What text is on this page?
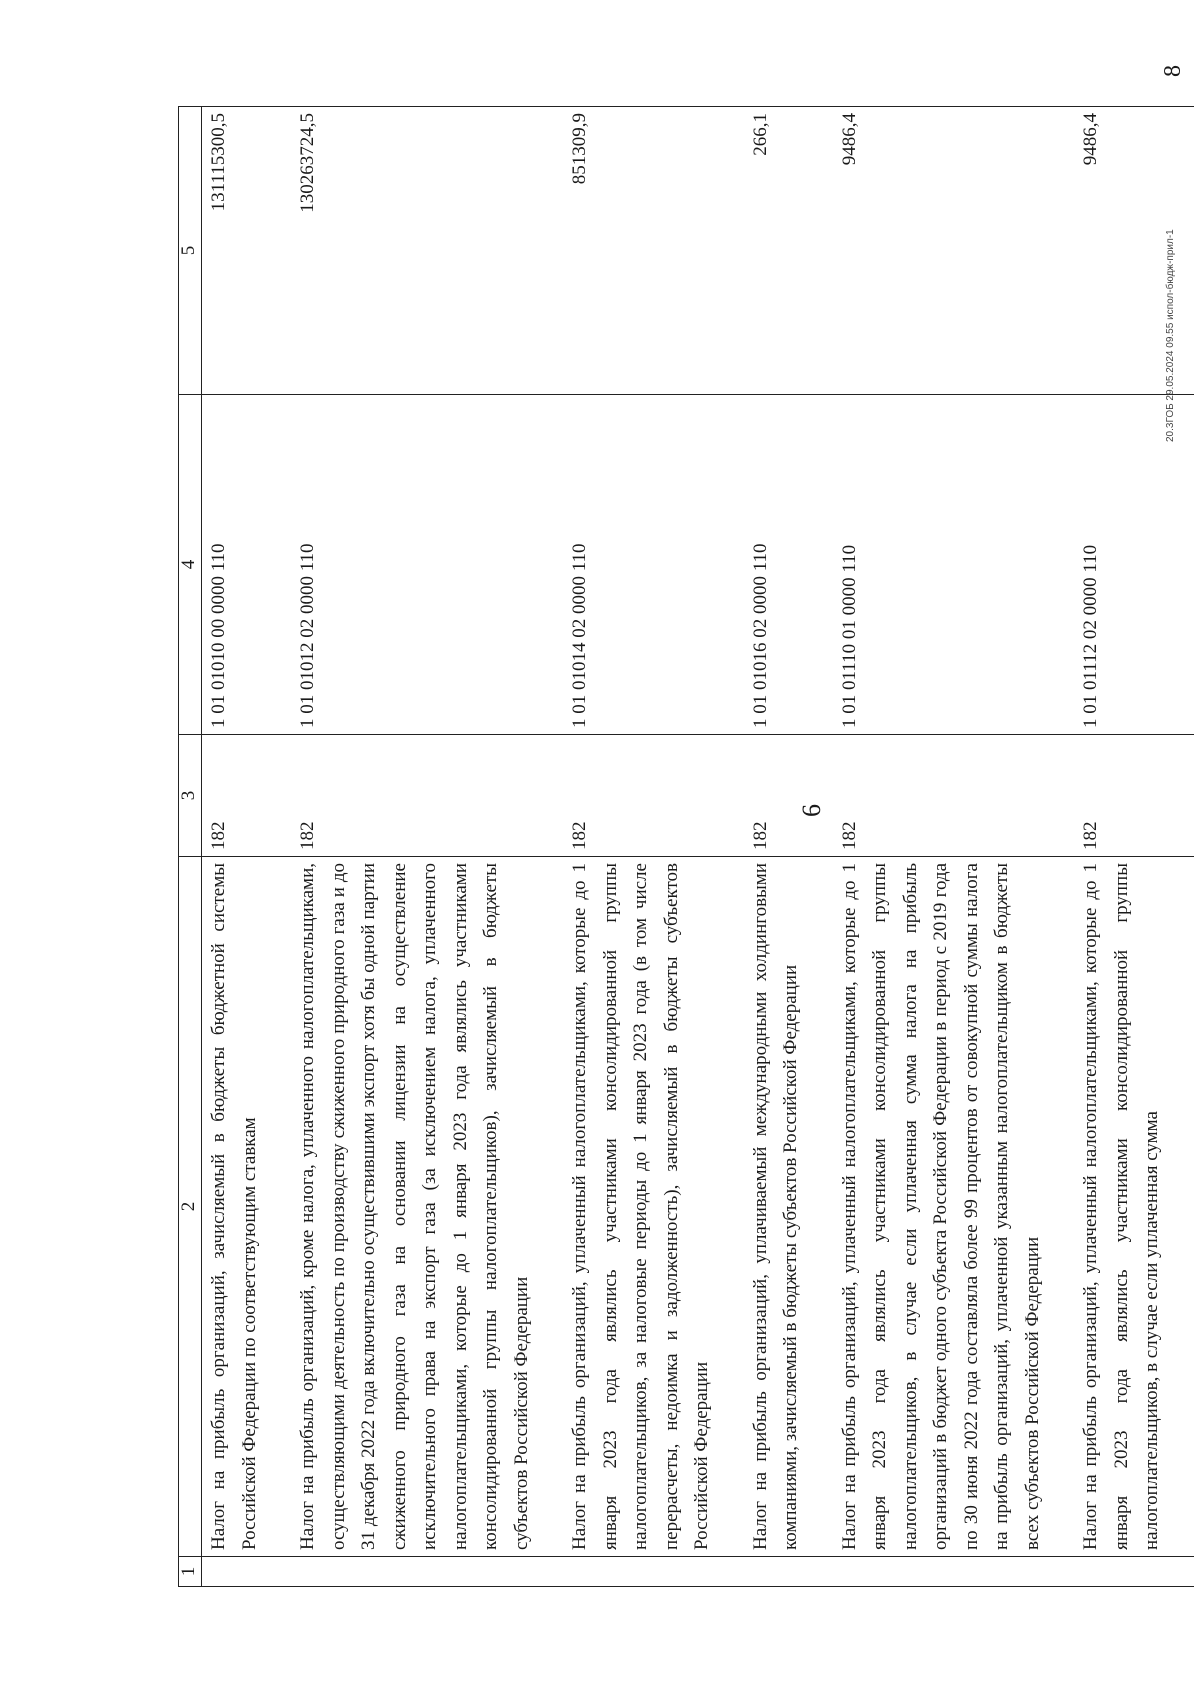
6
1	2	3	4	5
	Налог на прибыль организаций, зачисляемый в бюджеты бюджетной системы Российской Федерации по соответствующим ставкам	182	1 01 01010 00 0000 110	131115300,5
	Налог на прибыль организаций, кроме налога, уплаченного налогоплательщиками, осуществляющими деятельность по производству сжиженного природного газа и до 31 декабря 2022 года включительно осуществившими экспорт хотя бы одной партии сжиженного природного газа на основании лицензии на осуществление исключительного права на экспорт газа (за исключением налога, уплаченного налогоплательщиками, которые до 1 января 2023 года являлись участниками консолидированной группы налогоплательщиков), зачисляемый в бюджеты субъектов Российской Федерации	182	1 01 01012 02 0000 110	130263724,5
	Налог на прибыль организаций, уплаченный налогоплательщиками, которые до 1 января 2023 года являлись участниками консолидированной группы налогоплательщиков, за налоговые периоды до 1 января 2023 года (в том числе перерасчеты, недоимка и задолженность), зачисляемый в бюджеты субъектов Российской Федерации	182	1 01 01014 02 0000 110	851309,9
	Налог на прибыль организаций, уплачиваемый международными холдинговыми компаниями, зачисляемый в бюджеты субъектов Российской Федерации	182	1 01 01016 02 0000 110	266,1
	Налог на прибыль организаций, уплаченный налогоплательщиками, которые до 1 января 2023 года являлись участниками консолидированной группы налогоплательщиков, в случае если уплаченная сумма налога на прибыль организаций в бюджет одного субъекта Российской Федерации в период с 2019 года по 30 июня 2022 года составляла более 99 процентов от совокупной суммы налога на прибыль организаций, уплаченной указанным налогоплательщиком в бюджеты всех субъектов Российской Федерации	182	1 01 01110 01 0000 110	9486,4
	Налог на прибыль организаций, уплаченный налогоплательщиками, которые до 1 января 2023 года являлись участниками консолидированной группы налогоплательщиков, в случае если уплаченная сумма	182	1 01 01112 02 0000 110	9486,4
20.3ГОБ 29.05.2024 09.55 испол-бюдж-прил-1
8
